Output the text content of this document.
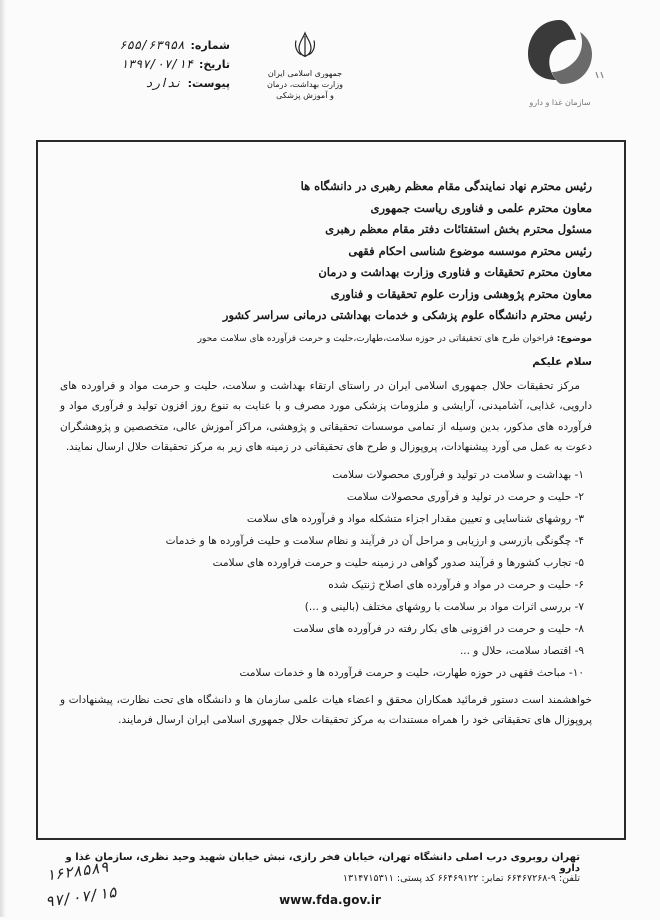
شماره:
۶۵۵/۶۳۹۵۸
تاریخ:
۱۳۹۷/۰۷/۱۴
پیوست:
ندارد
جمهوری اسلامی ایران
وزارت بهداشت، درمان
و آموزش پزشکی
سازمان غذا و دارو
رئیس محترم نهاد نمایندگی مقام معظم رهبری در دانشگاه ها
معاون محترم علمی و فناوری ریاست جمهوری
مسئول محترم بخش استفتائات دفتر مقام معظم رهبری
رئیس محترم موسسه موضوع شناسی احکام فقهی
معاون محترم تحقیقات و فناوری وزارت بهداشت و درمان
معاون محترم پژوهشی وزارت علوم تحقیقات و فناوری
رئیس محترم دانشگاه علوم پزشکی و خدمات بهداشتی درمانی سراسر کشور
موضوع: فراخوان طرح های تحقیقاتی در حوزه سلامت،طهارت،حلیت و حرمت فرآورده های سلامت محور
سلام علیکم
مرکز تحقیقات حلال جمهوری اسلامی ایران در راستای ارتقاء بهداشت و سلامت، حلیت و حرمت مواد و فراورده های دارویی، غذایی، آشامیدنی، آرایشی و ملزومات پزشکی مورد مصرف و با عنایت به تنوع روز افزون تولید و فرآوری مواد و فرآورده های مذکور، بدین وسیله از تمامی موسسات تحقیقاتی و پژوهشی، مراکز آموزش عالی، متخصصین و پژوهشگران دعوت به عمل می آورد پیشنهادات، پروپوزال و طرح های تحقیقاتی در زمینه های زیر به مرکز تحقیقات حلال ارسال نمایند.
۱- بهداشت و سلامت در تولید و فرآوری محصولات سلامت
۲- حلیت و حرمت در تولید و فرآوری محصولات سلامت
۳- روشهای شناسایی و تعیین مقدار اجزاء متشکله مواد و فرآورده های سلامت
۴- چگونگی بازرسی و ارزیابی و مراحل آن در فرآیند و نظام سلامت و حلیت فرآورده ها و خدمات
۵- تجارب کشورها و فرآیند صدور گواهی در زمینه حلیت و حرمت فراورده های سلامت
۶- حلیت و حرمت در مواد و فرآورده های اصلاح ژنتیک شده
۷- بررسی اثرات مواد بر سلامت با روشهای مختلف (بالینی و ...)
۸- حلیت و حرمت در افزونی های بکار رفته در فرآورده های سلامت
۹- اقتصاد سلامت، حلال و ...
۱۰- مباحث فقهی در حوزه طهارت، حلیت و حرمت فرآورده ها و خدمات سلامت
خواهشمند است دستور فرمائید همکاران محقق و اعضاء هیات علمی سازمان ها و دانشگاه های تحت نظارت، پیشنهادات و پروپوزال های تحقیقاتی خود را همراه مستندات به مرکز تحقیقات حلال جمهوری اسلامی ایران ارسال فرمایند.
تهران روبروی درب اصلی دانشگاه تهران، خیابان فخر رازی، نبش خیابان شهید وحید نظری، سازمان غذا و دارو
تلفن: ۹-۶۶۴۶۷۲۶۸ تمابر: ۶۶۴۶۹۱۲۲ کد پستی: ۱۳۱۴۷۱۵۳۱۱
www.fda.gov.ir
۱۶۲۸۵۸۹
۹۷/۰۷/۱۵
